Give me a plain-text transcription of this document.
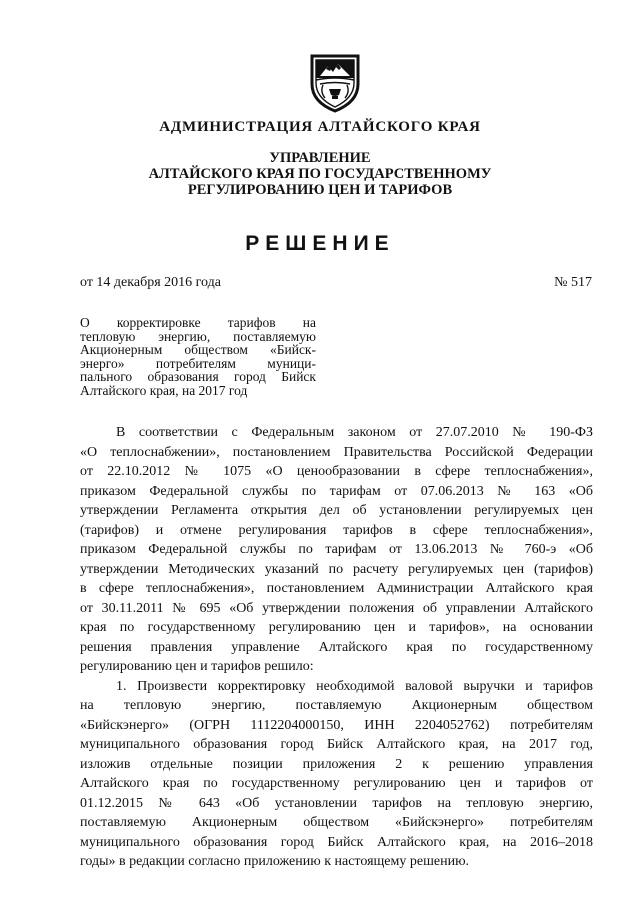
АДМИНИСТРАЦИЯ АЛТАЙСКОГО КРАЯ
УПРАВЛЕНИЕ
АЛТАЙСКОГО КРАЯ ПО ГОСУДАРСТВЕННОМУ
РЕГУЛИРОВАНИЮ ЦЕН И ТАРИФОВ
РЕШЕНИЕ
от 14 декабря 2016 года	№ 517
О корректировке тарифов на
тепловую энергию, поставляемую
Акционерным обществом «Бийск-
энерго» потребителям муници-
пального образования город Бийск
Алтайского края, на 2017 год
В соответствии с Федеральным законом от 27.07.2010 № 190-ФЗ
«О теплоснабжении», постановлением Правительства Российской Федерации
от 22.10.2012 № 1075 «О ценообразовании в сфере теплоснабжения»,
приказом Федеральной службы по тарифам от 07.06.2013 № 163 «Об
утверждении Регламента открытия дел об установлении регулируемых цен
(тарифов) и отмене регулирования тарифов в сфере теплоснабжения»,
приказом Федеральной службы по тарифам от 13.06.2013 № 760-э «Об
утверждении Методических указаний по расчету регулируемых цен (тарифов)
в сфере теплоснабжения», постановлением Администрации Алтайского края
от 30.11.2011 № 695 «Об утверждении положения об управлении Алтайского
края по государственному регулированию цен и тарифов», на основании
решения правления управление Алтайского края по государственному
регулированию цен и тарифов решило:
1. Произвести корректировку необходимой валовой выручки и тарифов
на тепловую энергию, поставляемую Акционерным обществом
«Бийскэнерго» (ОГРН 1112204000150, ИНН 2204052762) потребителям
муниципального образования город Бийск Алтайского края, на 2017 год,
изложив отдельные позиции приложения 2 к решению управления
Алтайского края по государственному регулированию цен и тарифов от
01.12.2015 № 643 «Об установлении тарифов на тепловую энергию,
поставляемую Акционерным обществом «Бийскэнерго» потребителям
муниципального образования город Бийск Алтайского края, на 2016–2018
годы» в редакции согласно приложению к настоящему решению.
